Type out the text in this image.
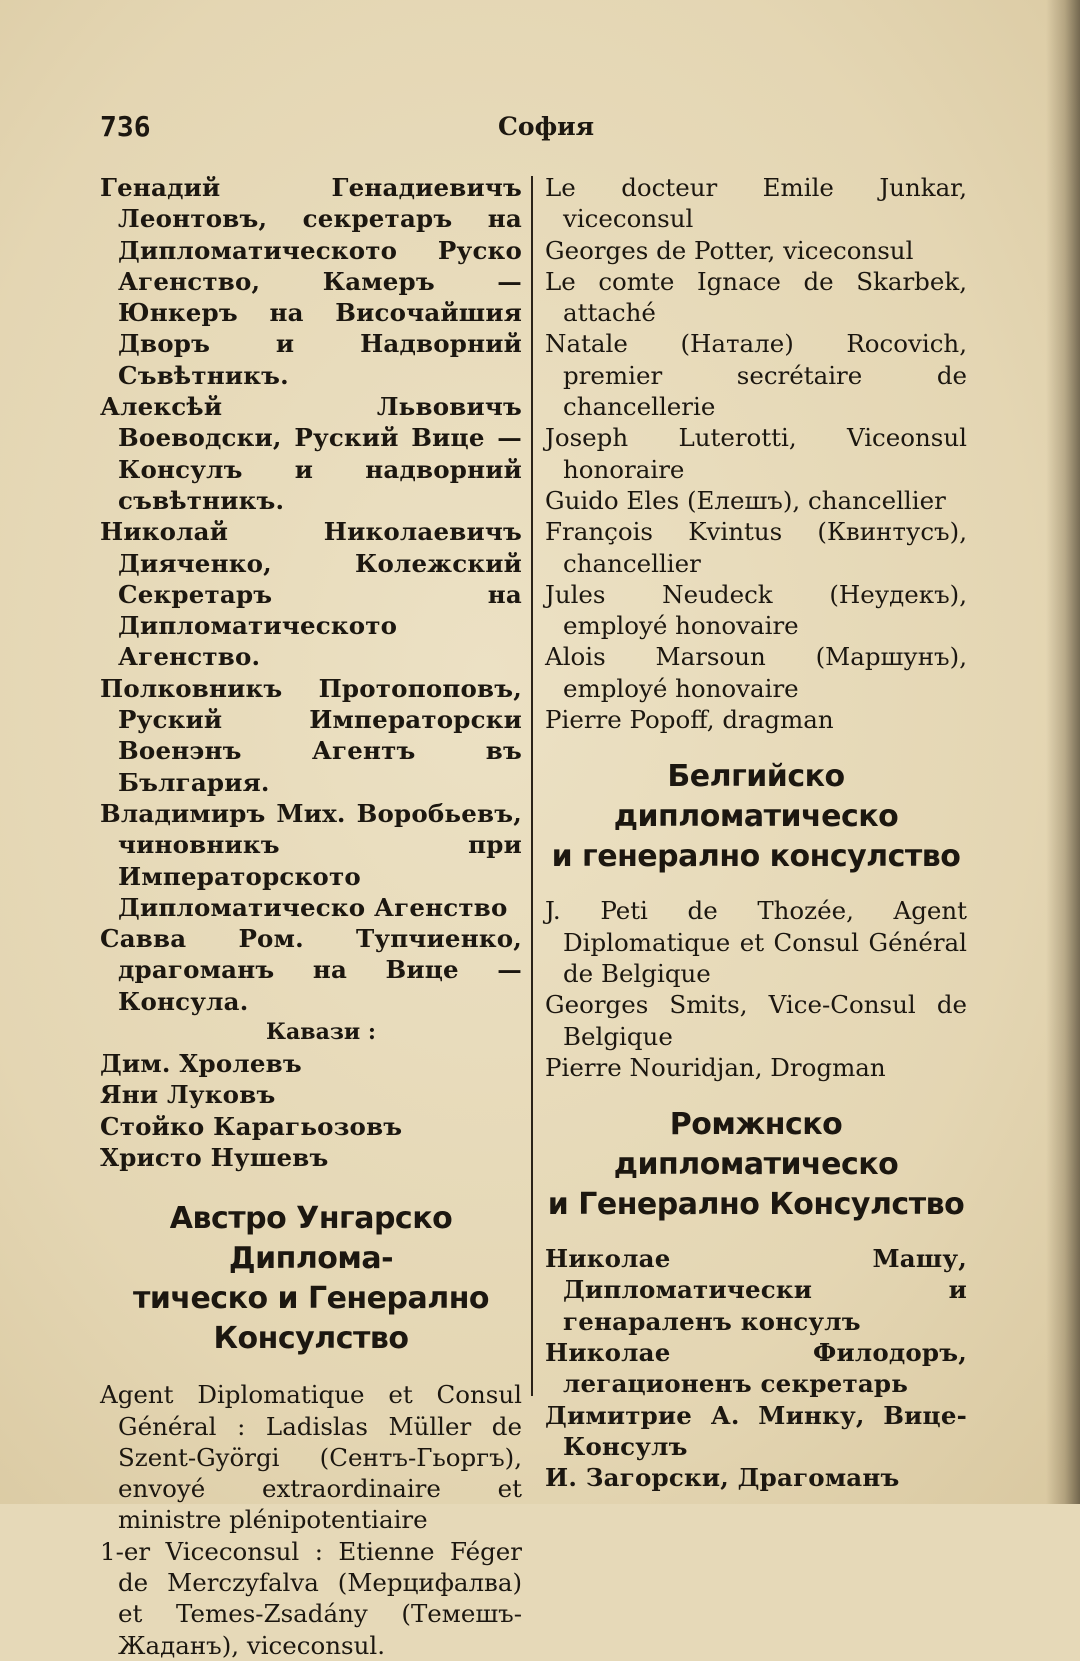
736	София
Генадий Генадиевичъ Леонтовъ, секретаръ на Дипломатическото Руско Агенство, Камеръ — Юнкеръ на Височайшия Дворъ и Надворний Съвѣтникъ.
Алексѣй Львовичъ Воеводски, Руский Вице — Консулъ и надворний съвѣтникъ.
Николай Николаевичъ Дияченко, Колежский Секретаръ на Дипломатическото Агенство.
Полковникъ Протопоповъ, Руский Императорски Военэнъ Агентъ въ България.
Владимиръ Мих. Воробьевъ, чиновникъ при Императорското Дипломатическо Агенство
Савва Ром. Тупчиенко, драгоманъ на Вице — Консула.
Кавази :
Дим. Хролевъ
Яни Луковъ
Стойко Карагьозовъ
Христо Нушевъ
Австро Унгарско Диплома-
тическо и Генерално
Консулство
Agent Diplomatique et Consul Général : Ladislas Müller de Szent-Györgi (Сентъ-Гьоргъ), envoyé extraordinaire et ministre plénipotentiaire
1-er Viceconsul : Etienne Féger de Merczyfalva (Мерцифалва) et Temes-Zsadány (Темешъ-Жаданъ), viceconsul.
Le docteur Emile Junkar, viceconsul
Georges de Potter, viceconsul
Le comte Ignace de Skarbek, attaché
Natale (Натале) Rocovich, premier secrétaire de chancellerie
Joseph Luterotti, Viceonsul honoraire
Guido Eles (Елешъ), chancellier
François Kvintus (Квинтусъ), chancellier
Jules Neudeck (Неудекъ), employé honovaire
Alois Marsoun (Маршунъ), employé honovaire
Pierre Popoff, dragman
Белгийско дипломатическо
и генерално консулство
J. Peti de Thozée, Agent Diplomatique et Consul Général de Belgique
Georges Smits, Vice-Consul de Belgique
Pierre Nouridjan, Drogman
Ромжнско дипломатическо
и Генерално Консулство
Николае Машу, Дипломатически и генараленъ консулъ
Николае Филодоръ, легационенъ секретарь
Димитрие А. Минку, Вице-Консулъ
И. Загорски, Драгоманъ
